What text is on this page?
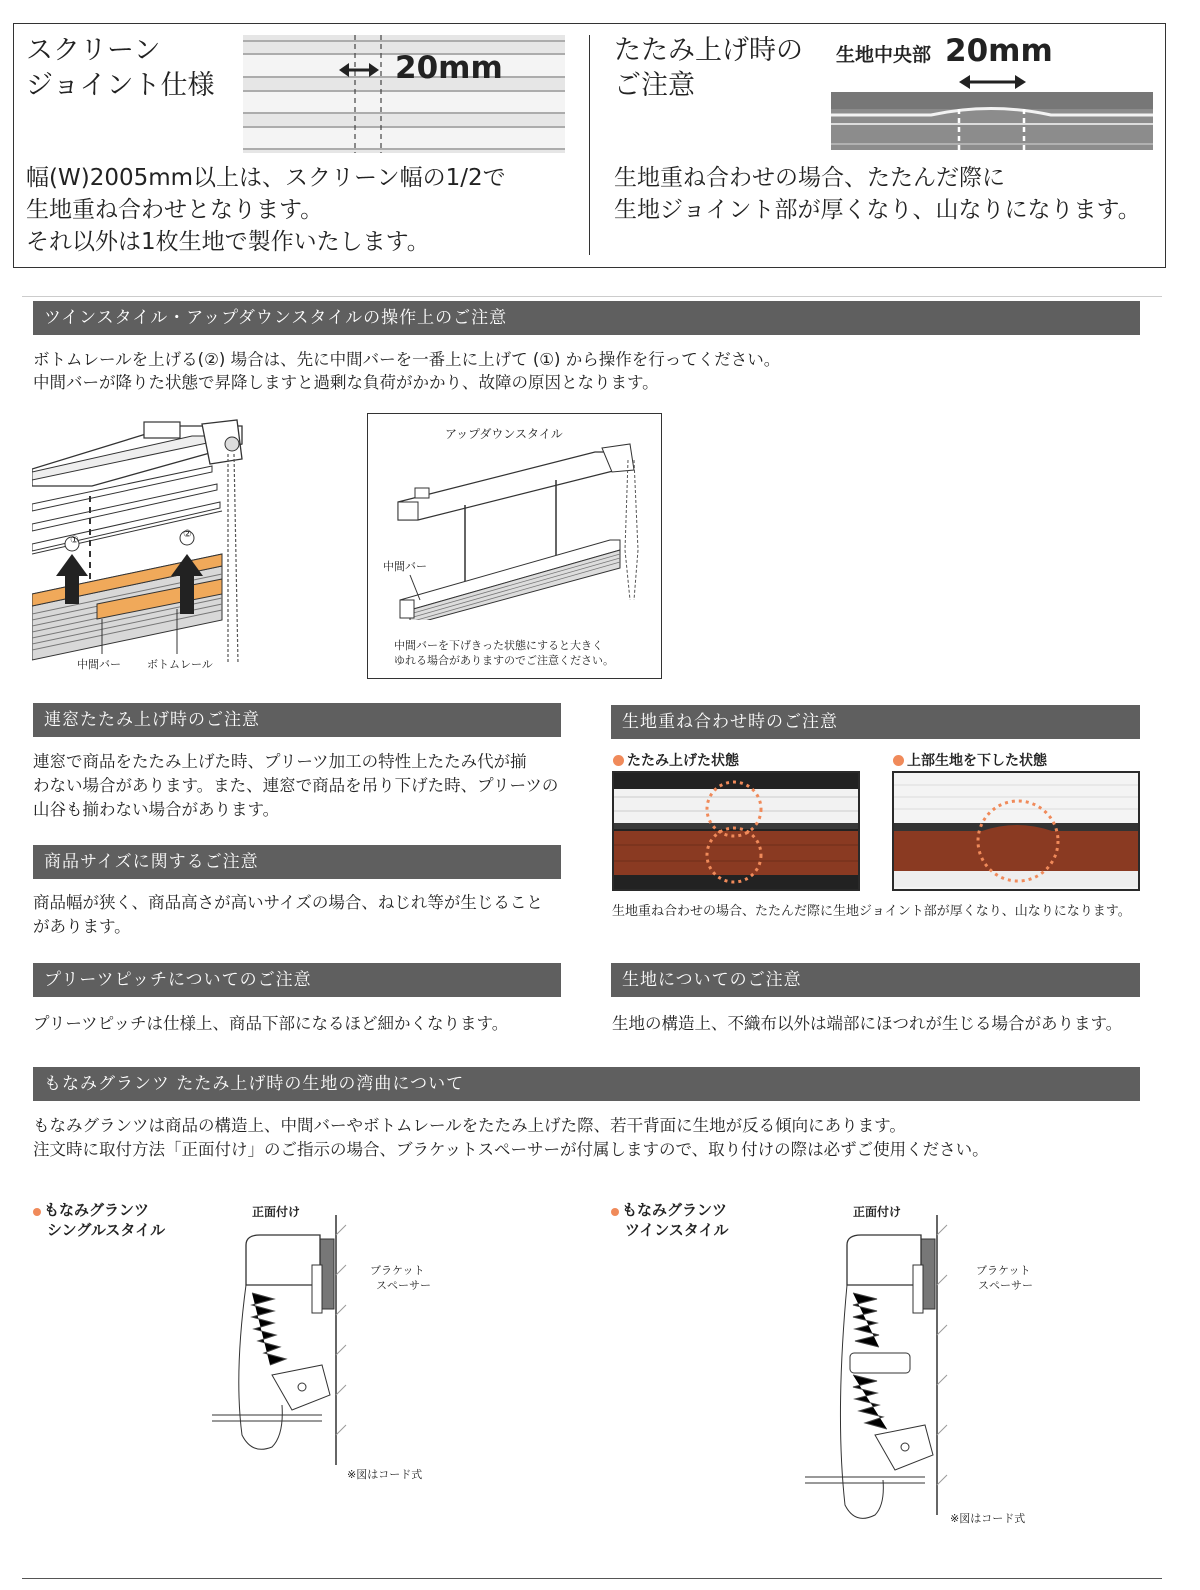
スクリーン
ジョイント仕様	20mm
幅(W)2005mm以上は、スクリーン幅の1/2で
生地重ね合わせとなります。
それ以外は1枚生地で製作いたします。
たたみ上げ時の
ご注意
生地中央部 20mm
生地重ね合わせの場合、たたんだ際に
生地ジョイント部が厚くなり、山なりになります。
ツインスタイル・アップダウンスタイルの操作上のご注意
ボトムレールを上げる(②) 場合は、先に中間バーを一番上に上げて (①) から操作を行ってください。
中間バーが降りた状態で昇降しますと過剰な負荷がかかり、故障の原因となります。
①
②
中間バー ボトムレール
アップダウンスタイル
中間バー
中間バーを下げきった状態にすると大きく
ゆれる場合がありますのでご注意ください。
連窓たたみ上げ時のご注意
連窓で商品をたたみ上げた時、プリーツ加工の特性上たたみ代が揃
わない場合があります。また、連窓で商品を吊り下げた時、プリーツの
山谷も揃わない場合があります。
商品サイズに関するご注意
商品幅が狭く、商品高さが高いサイズの場合、ねじれ等が生じること
があります。
プリーツピッチについてのご注意
プリーツピッチは仕様上、商品下部になるほど細かくなります。
生地重ね合わせ時のご注意
たたみ上げた状態	上部生地を下した状態
生地重ね合わせの場合、たたんだ際に生地ジョイント部が厚くなり、山なりになります。
生地についてのご注意
生地の構造上、不織布以外は端部にほつれが生じる場合があります。
もなみグランツ たたみ上げ時の生地の湾曲について
もなみグランツは商品の構造上、中間バーやボトムレールをたたみ上げた際、若干背面に生地が反る傾向にあります。
注文時に取付方法「正面付け」のご指示の場合、ブラケットスペーサーが付属しますので、取り付けの際は必ずご使用ください。
もなみグランツ
シングルスタイル
正面付け
ブラケット
スペーサー
※図はコード式
もなみグランツ
ツインスタイル
正面付け
ブラケット
スペーサー
※図はコード式
